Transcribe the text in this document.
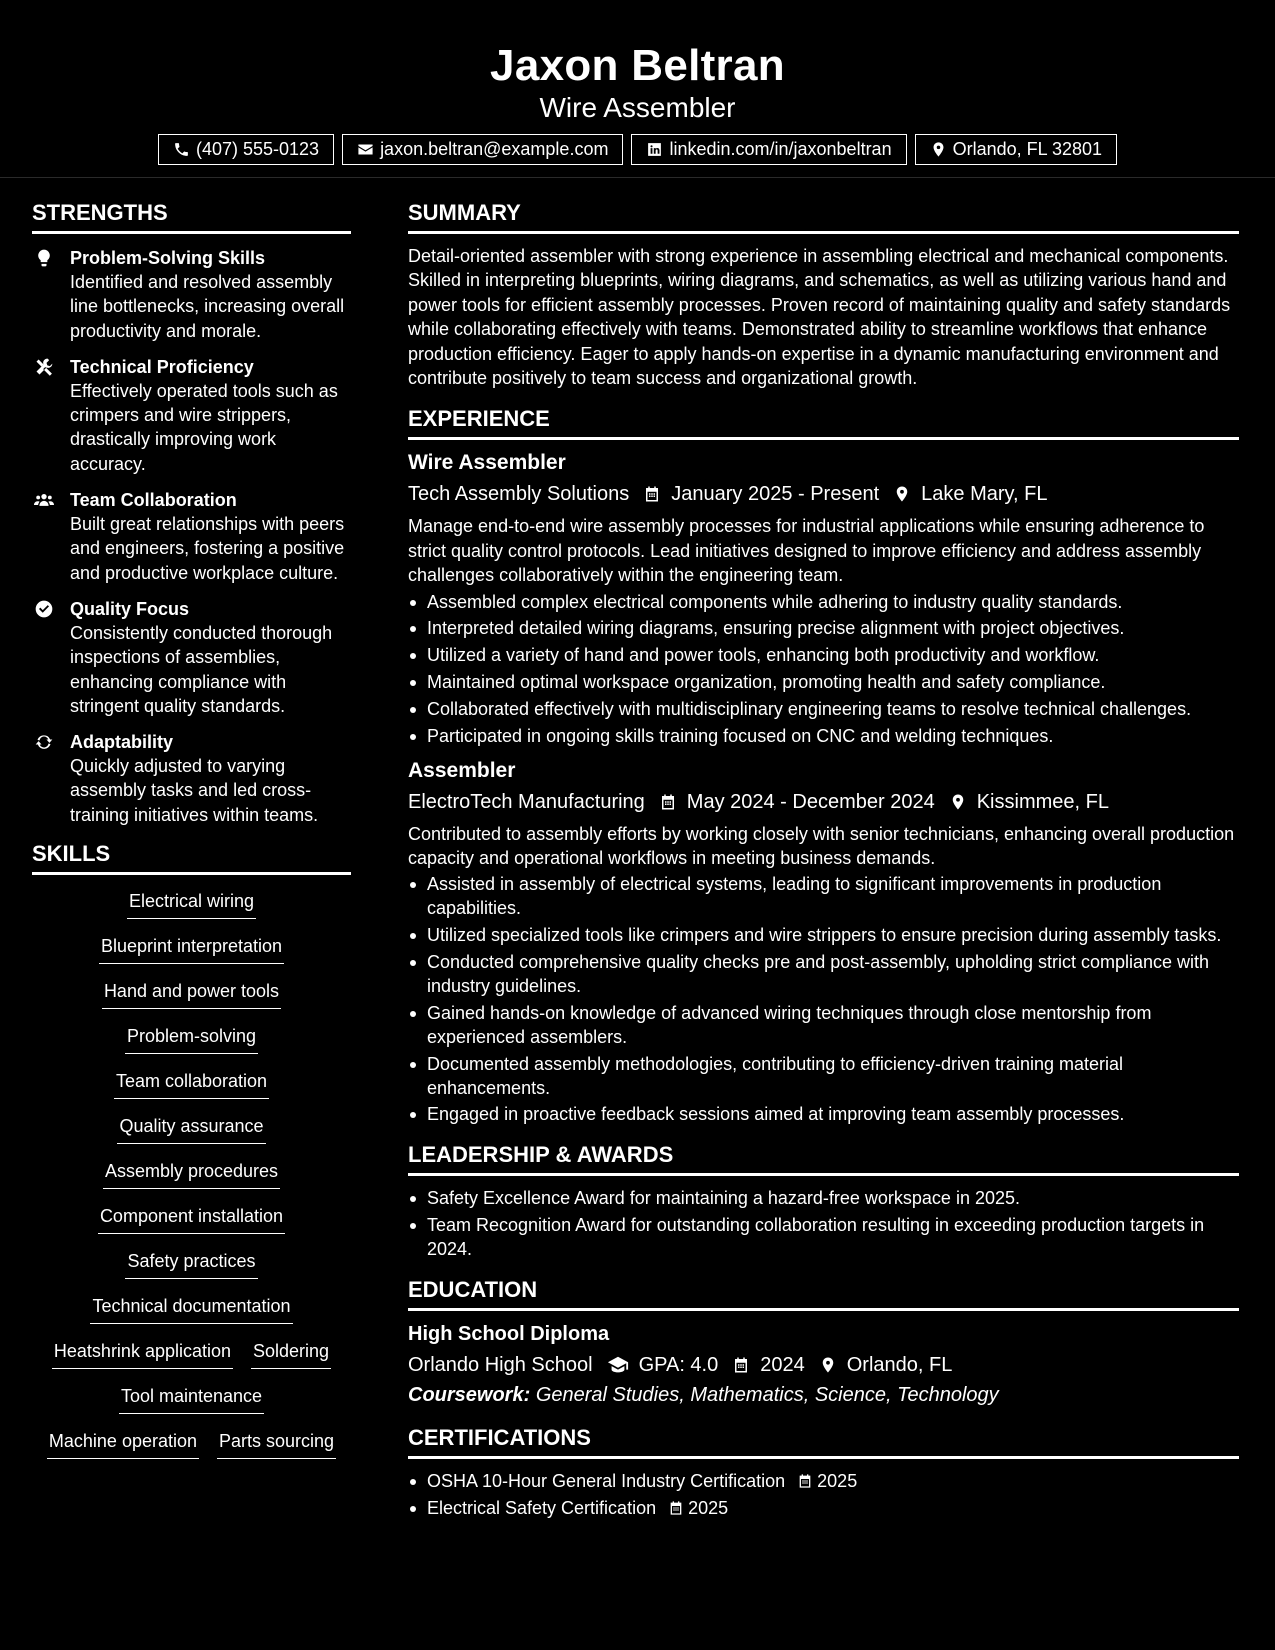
Jaxon Beltran
Wire Assembler
(407) 555-0123	jaxon.beltran@example.com	linkedin.com/in/jaxonbeltran	Orlando, FL 32801
STRENGTHS
Problem-Solving Skills
Identified and resolved assembly line bottlenecks, increasing overall productivity and morale.
Technical Proficiency
Effectively operated tools such as crimpers and wire strippers, drastically improving work accuracy.
Team Collaboration
Built great relationships with peers and engineers, fostering a positive and productive workplace culture.
Quality Focus
Consistently conducted thorough inspections of assemblies, enhancing compliance with stringent quality standards.
Adaptability
Quickly adjusted to varying assembly tasks and led cross-training initiatives within teams.
SKILLS
Electrical wiring
Blueprint interpretation
Hand and power tools
Problem-solving
Team collaboration
Quality assurance
Assembly procedures
Component installation
Safety practices
Technical documentation
Heatshrink application Soldering
Tool maintenance
Machine operation Parts sourcing
SUMMARY
Detail-oriented assembler with strong experience in assembling electrical and mechanical components. Skilled in interpreting blueprints, wiring diagrams, and schematics, as well as utilizing various hand and power tools for efficient assembly processes. Proven record of maintaining quality and safety standards while collaborating effectively with teams. Demonstrated ability to streamline workflows that enhance production efficiency. Eager to apply hands-on expertise in a dynamic manufacturing environment and contribute positively to team success and organizational growth.
EXPERIENCE
Wire Assembler
Tech Assembly Solutions January 2025 - Present Lake Mary, FL
Manage end-to-end wire assembly processes for industrial applications while ensuring adherence to strict quality control protocols. Lead initiatives designed to improve efficiency and address assembly challenges collaboratively within the engineering team.
Assembled complex electrical components while adhering to industry quality standards.
Interpreted detailed wiring diagrams, ensuring precise alignment with project objectives.
Utilized a variety of hand and power tools, enhancing both productivity and workflow.
Maintained optimal workspace organization, promoting health and safety compliance.
Collaborated effectively with multidisciplinary engineering teams to resolve technical challenges.
Participated in ongoing skills training focused on CNC and welding techniques.
Assembler
ElectroTech Manufacturing May 2024 - December 2024 Kissimmee, FL
Contributed to assembly efforts by working closely with senior technicians, enhancing overall production capacity and operational workflows in meeting business demands.
Assisted in assembly of electrical systems, leading to significant improvements in production capabilities.
Utilized specialized tools like crimpers and wire strippers to ensure precision during assembly tasks.
Conducted comprehensive quality checks pre and post-assembly, upholding strict compliance with industry guidelines.
Gained hands-on knowledge of advanced wiring techniques through close mentorship from experienced assemblers.
Documented assembly methodologies, contributing to efficiency-driven training material enhancements.
Engaged in proactive feedback sessions aimed at improving team assembly processes.
LEADERSHIP & AWARDS
Safety Excellence Award for maintaining a hazard-free workspace in 2025.
Team Recognition Award for outstanding collaboration resulting in exceeding production targets in 2024.
EDUCATION
High School Diploma
Orlando High School GPA: 4.0 2024 Orlando, FL
Coursework: General Studies, Mathematics, Science, Technology
CERTIFICATIONS
OSHA 10-Hour General Industry Certification 2025
Electrical Safety Certification 2025
